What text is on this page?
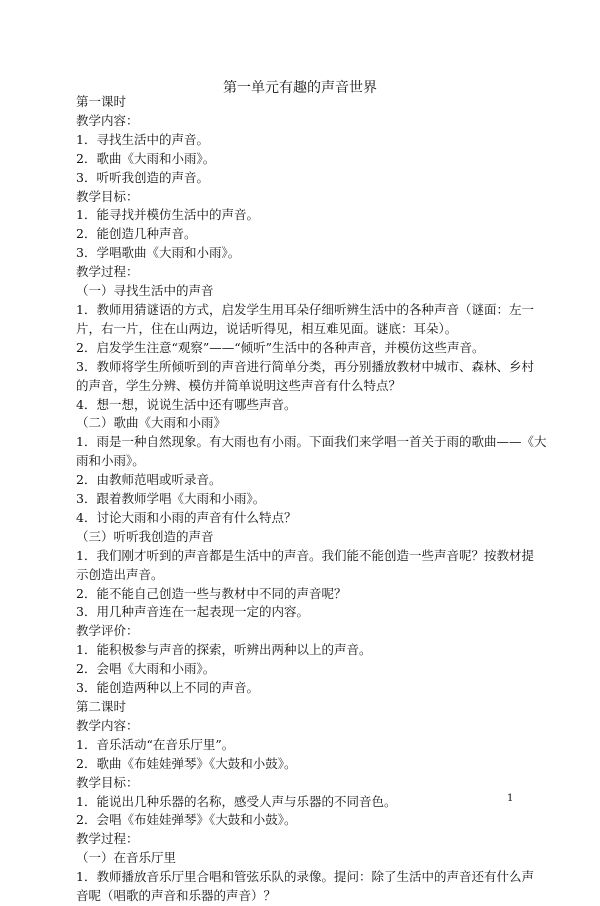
第一单元有趣的声音世界
第一课时
教学内容：
1．寻找生活中的声音。
2．歌曲《大雨和小雨》。
3．听听我创造的声音。
教学目标：
1．能寻找并模仿生活中的声音。
2．能创造几种声音。
3．学唱歌曲《大雨和小雨》。
教学过程：
（一）寻找生活中的声音
1．教师用猜谜语的方式，启发学生用耳朵仔细听辨生活中的各种声音（谜面：左一
片，右一片，住在山两边，说话听得见，相互难见面。谜底：耳朵）。
2．启发学生注意“观察”——“倾听”生活中的各种声音，并模仿这些声音。
3．教师将学生所倾听到的声音进行简单分类，再分别播放教材中城市、森林、乡村
的声音，学生分辨、模仿并简单说明这些声音有什么特点？
4．想一想，说说生活中还有哪些声音。
（二）歌曲《大雨和小雨》
1．雨是一种自然现象。有大雨也有小雨。下面我们来学唱一首关于雨的歌曲——《大
雨和小雨》。
2．由教师范唱或听录音。
3．跟着教师学唱《大雨和小雨》。
4．讨论大雨和小雨的声音有什么特点？
（三）听听我创造的声音
1．我们刚才听到的声音都是生活中的声音。我们能不能创造一些声音呢？按教材提
示创造出声音。
2．能不能自己创造一些与教材中不同的声音呢？
3．用几种声音连在一起表现一定的内容。
教学评价：
1．能积极参与声音的探索，听辨出两种以上的声音。
2．会唱《大雨和小雨》。
3．能创造两种以上不同的声音。
第二课时
教学内容：
1．音乐活动“在音乐厅里”。
2．歌曲《布娃娃弹琴》《大鼓和小鼓》。
教学目标：
1．能说出几种乐器的名称，感受人声与乐器的不同音色。
2．会唱《布娃娃弹琴》《大鼓和小鼓》。
教学过程：
（一）在音乐厅里
1．教师播放音乐厅里合唱和管弦乐队的录像。提问：除了生活中的声音还有什么声
音呢（唱歌的声音和乐器的声音）？
1
